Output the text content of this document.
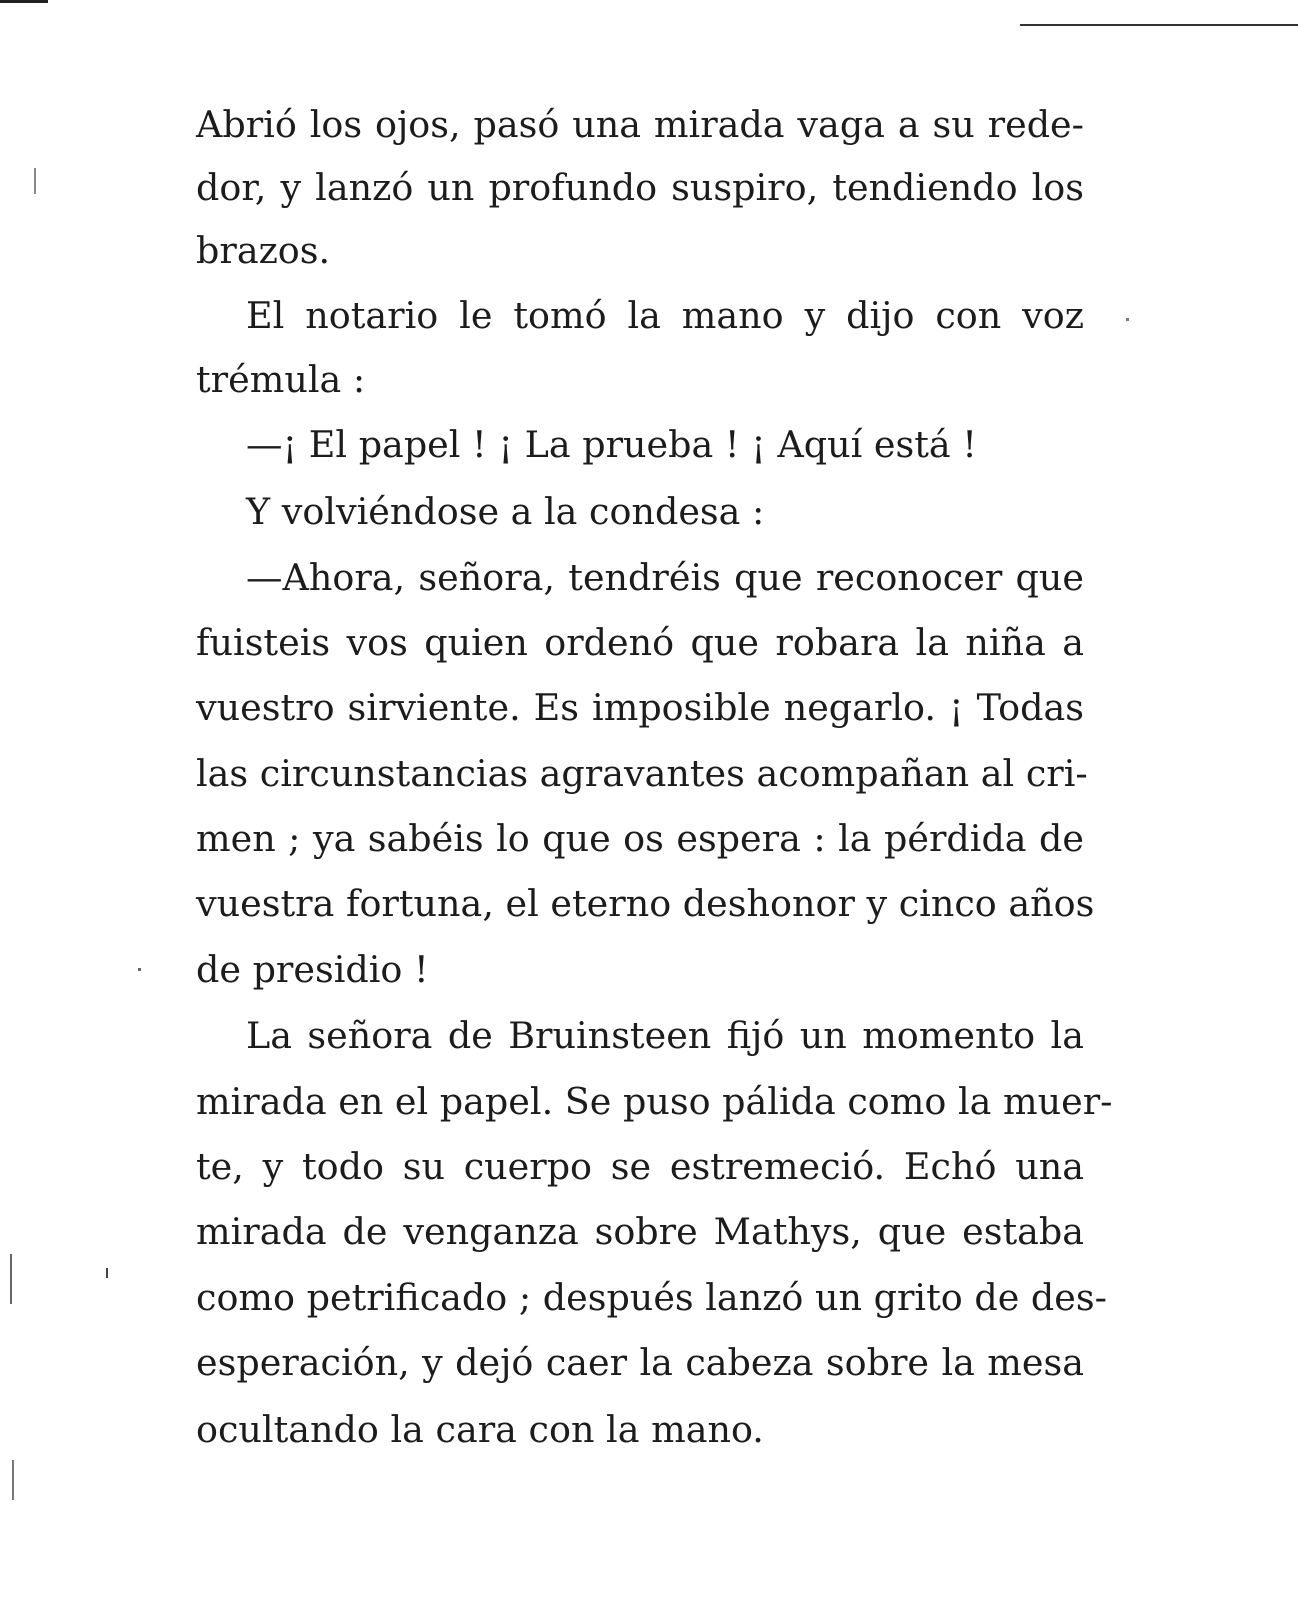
Abrió los ojos, pasó una mirada vaga a su rede-
dor, y lanzó un profundo suspiro, tendiendo los
brazos.
El notario le tomó la mano y dijo con voz
trémula :
—¡ El papel ! ¡ La prueba ! ¡ Aquí está !
Y volviéndose a la condesa :
—Ahora, señora, tendréis que reconocer que
fuisteis vos quien ordenó que robara la niña a
vuestro sirviente. Es imposible negarlo. ¡ Todas
las circunstancias agravantes acompañan al cri-
men ; ya sabéis lo que os espera : la pérdida de
vuestra fortuna, el eterno deshonor y cinco años
de presidio !
La señora de Bruinsteen fijó un momento la
mirada en el papel. Se puso pálida como la muer-
te, y todo su cuerpo se estremeció. Echó una
mirada de venganza sobre Mathys, que estaba
como petrificado ; después lanzó un grito de des-
esperación, y dejó caer la cabeza sobre la mesa
ocultando la cara con la mano.
